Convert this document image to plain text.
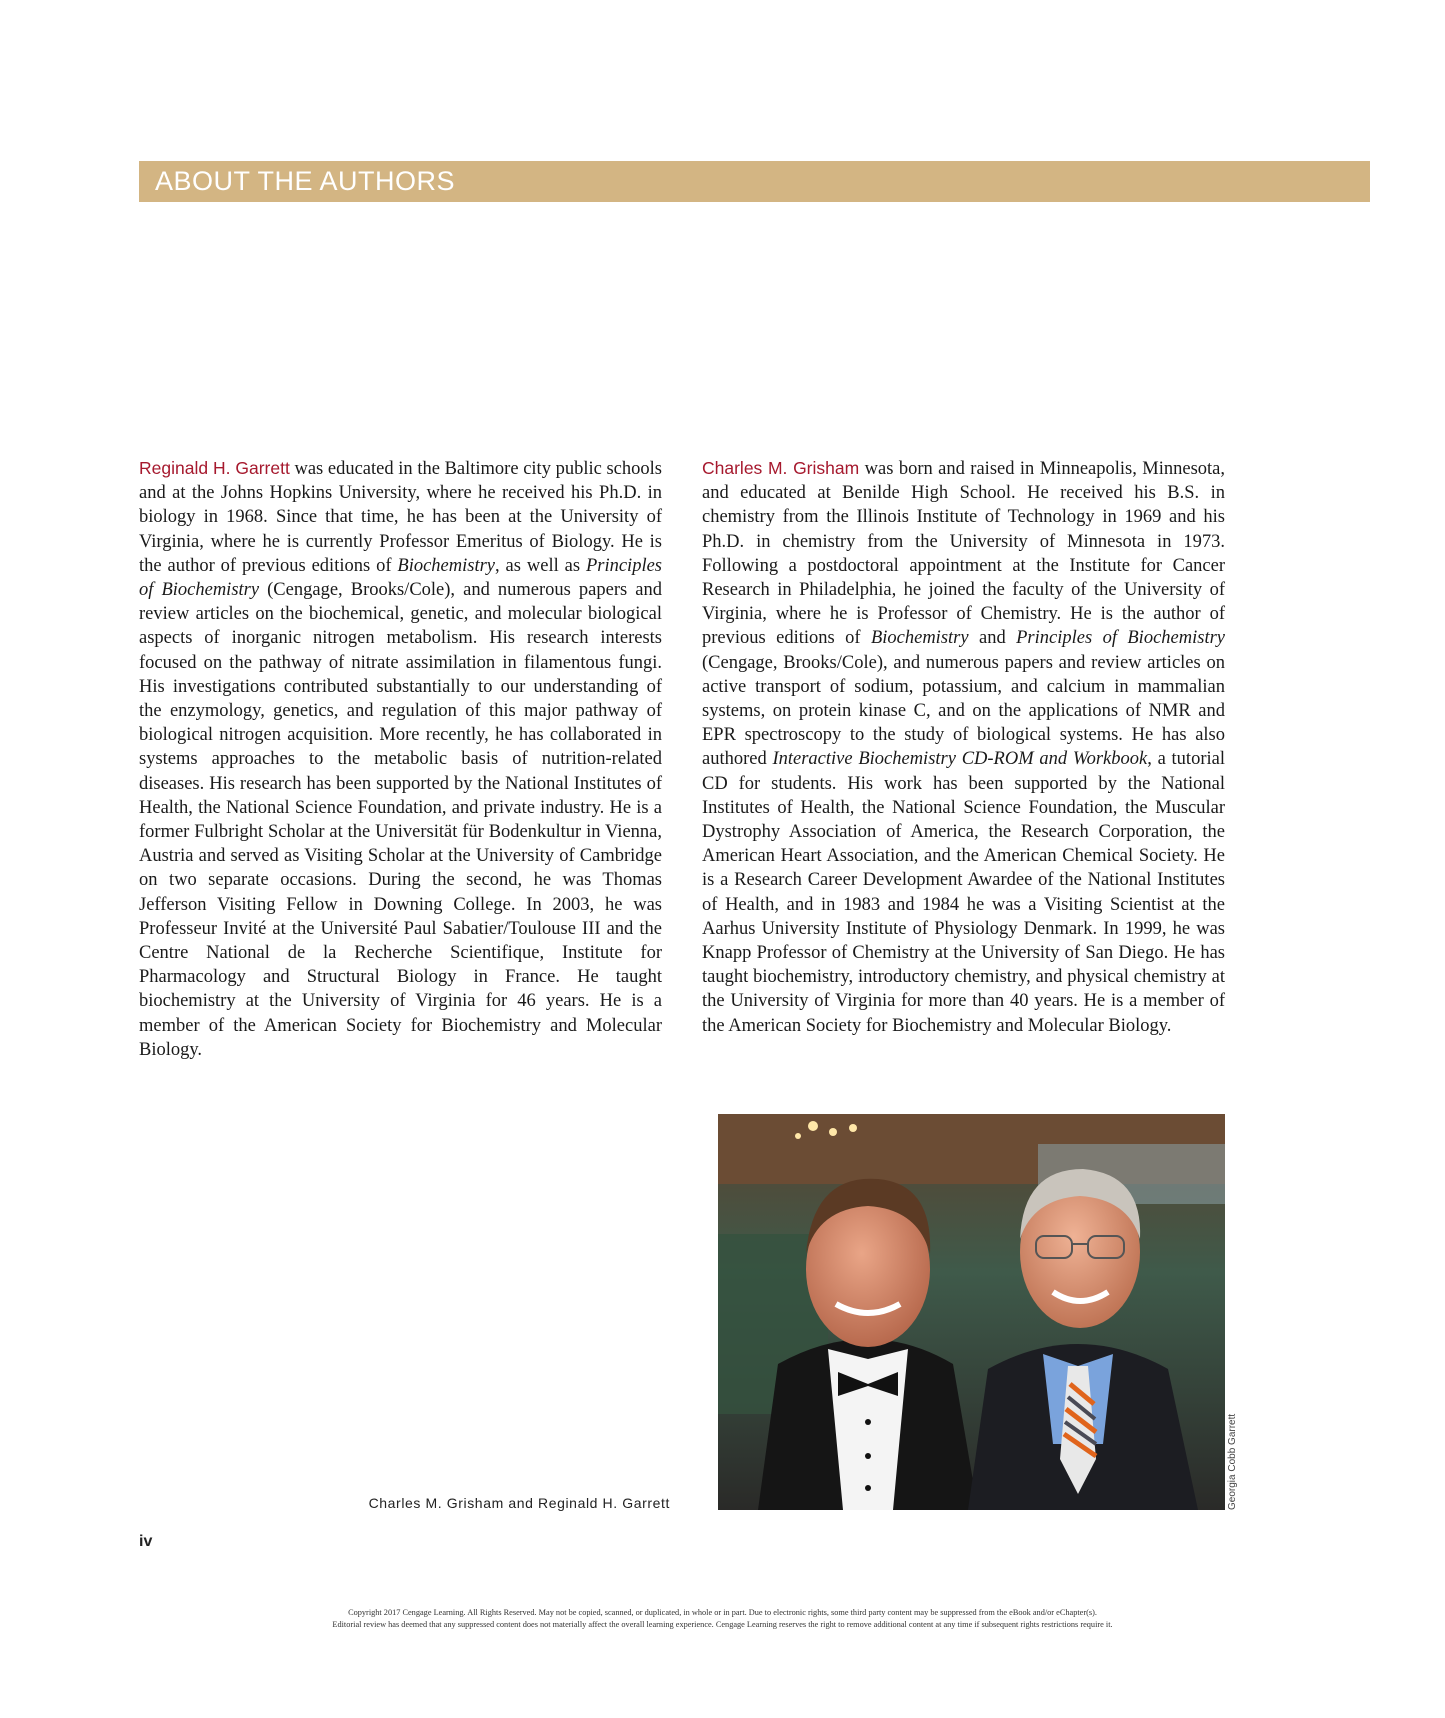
ABOUT THE AUTHORS
Reginald H. Garrett was educated in the Baltimore city public schools and at the Johns Hopkins University, where he received his Ph.D. in biology in 1968. Since that time, he has been at the University of Virginia, where he is currently Professor Emeritus of Biology. He is the author of previous editions of Biochemistry, as well as Principles of Biochemistry (Cengage, Brooks/Cole), and numerous papers and review articles on the biochemical, genetic, and molecular biological aspects of inorganic nitrogen metabolism. His research interests focused on the pathway of nitrate assimilation in filamentous fungi. His investigations contributed substantially to our understanding of the enzymology, genetics, and regulation of this major pathway of biological nitrogen acquisition. More recently, he has collaborated in systems approaches to the metabolic basis of nutrition-related diseases. His research has been supported by the National Institutes of Health, the National Science Foundation, and private industry. He is a former Fulbright Scholar at the Universität für Bodenkultur in Vienna, Austria and served as Visiting Scholar at the University of Cambridge on two separate occasions. During the second, he was Thomas Jefferson Visiting Fellow in Downing College. In 2003, he was Professeur Invité at the Université Paul Sabatier/Toulouse III and the Centre National de la Recherche Scientifique, Institute for Pharmacology and Structural Biology in France. He taught biochemistry at the University of Virginia for 46 years. He is a member of the American Society for Biochemistry and Molecular Biology.
Charles M. Grisham was born and raised in Minneapolis, Minnesota, and educated at Benilde High School. He received his B.S. in chemistry from the Illinois Institute of Technology in 1969 and his Ph.D. in chemistry from the University of Minnesota in 1973. Following a postdoctoral appointment at the Institute for Cancer Research in Philadelphia, he joined the faculty of the University of Virginia, where he is Professor of Chemistry. He is the author of previous editions of Biochemistry and Principles of Biochemistry (Cengage, Brooks/Cole), and numerous papers and review articles on active transport of sodium, potassium, and calcium in mammalian systems, on protein kinase C, and on the applications of NMR and EPR spectroscopy to the study of biological systems. He has also authored Interactive Biochemistry CD-ROM and Workbook, a tutorial CD for students. His work has been supported by the National Institutes of Health, the National Science Foundation, the Muscular Dystrophy Association of America, the Research Corporation, the American Heart Association, and the American Chemical Society. He is a Research Career Development Awardee of the National Institutes of Health, and in 1983 and 1984 he was a Visiting Scientist at the Aarhus University Institute of Physiology Denmark. In 1999, he was Knapp Professor of Chemistry at the University of San Diego. He has taught biochemistry, introductory chemistry, and physical chemistry at the University of Virginia for more than 40 years. He is a member of the American Society for Biochemistry and Molecular Biology.
Georgia Cobb Garrett
Charles M. Grisham and Reginald H. Garrett
iv
Copyright 2017 Cengage Learning. All Rights Reserved. May not be copied, scanned, or duplicated, in whole or in part. Due to electronic rights, some third party content may be suppressed from the eBook and/or eChapter(s).
Editorial review has deemed that any suppressed content does not materially affect the overall learning experience. Cengage Learning reserves the right to remove additional content at any time if subsequent rights restrictions require it.
